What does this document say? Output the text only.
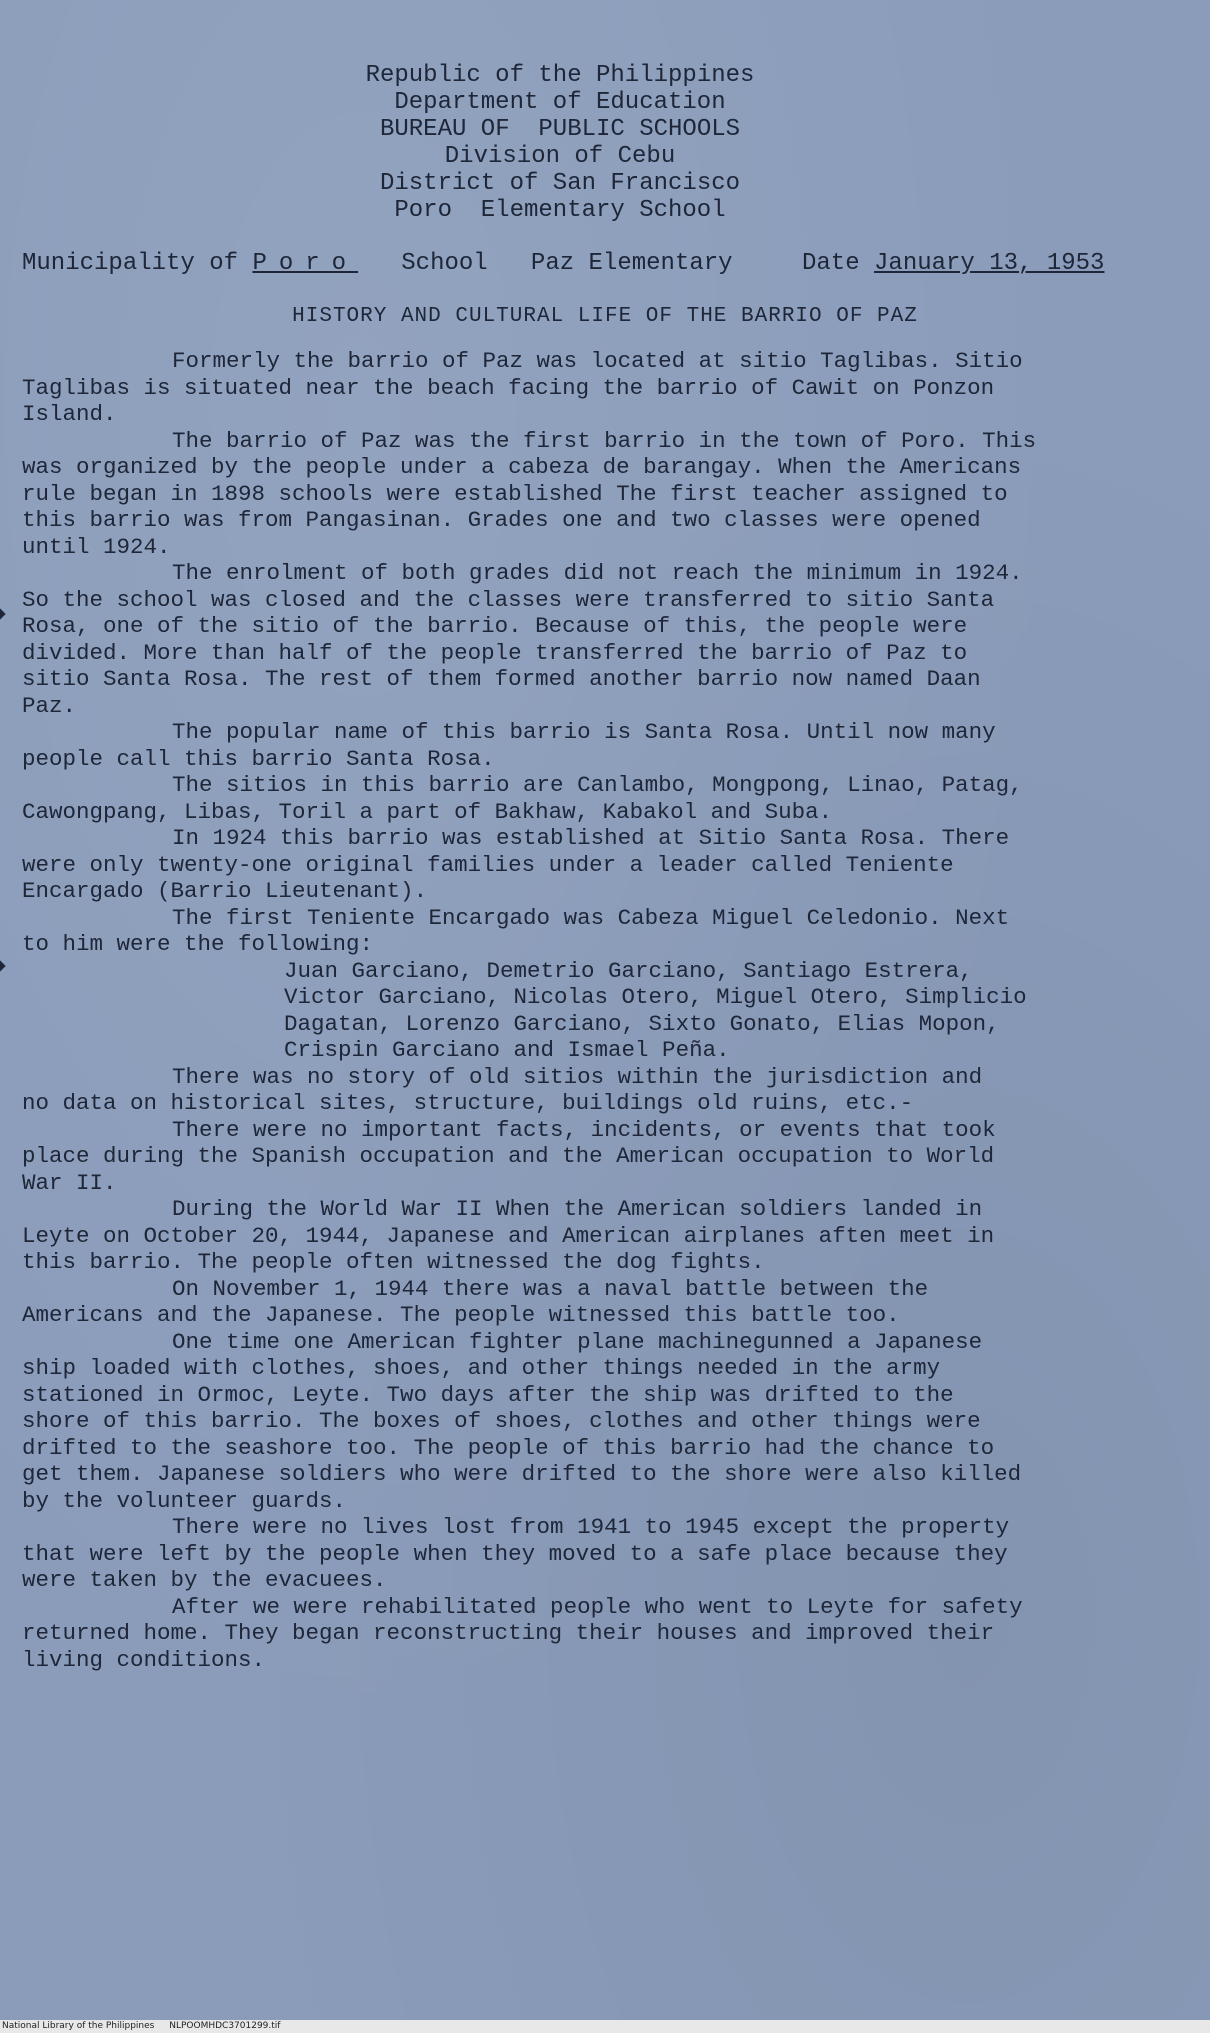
Republic of the Philippines
Department of Education
BUREAU OF  PUBLIC SCHOOLS
Division of Cebu
District of San Francisco
Poro  Elementary School
Municipality of Poro School Paz Elementary	Date January 13, 1953
HISTORY AND CULTURAL LIFE OF THE BARRIO OF PAZ
Formerly the barrio of Paz was located at sitio Taglibas. Sitio
Taglibas is situated near the beach facing the barrio of Cawit on Ponzon
Island.
The barrio of Paz was the first barrio in the town of Poro. This
was organized by the people under a cabeza de barangay. When the Americans
rule began in 1898 schools were established The first teacher assigned to
this barrio was from Pangasinan. Grades one and two classes were opened
until 1924.
The enrolment of both grades did not reach the minimum in 1924.
So the school was closed and the classes were transferred to sitio Santa
Rosa, one of the sitio of the barrio. Because of this, the people were
divided. More than half of the people transferred the barrio of Paz to
sitio Santa Rosa. The rest of them formed another barrio now named Daan
Paz.
The popular name of this barrio is Santa Rosa. Until now many
people call this barrio Santa Rosa.
The sitios in this barrio are Canlambo, Mongpong, Linao, Patag,
Cawongpang, Libas, Toril a part of Bakhaw, Kabakol and Suba.
In 1924 this barrio was established at Sitio Santa Rosa. There
were only twenty-one original families under a leader called Teniente
Encargado (Barrio Lieutenant).
The first Teniente Encargado was Cabeza Miguel Celedonio. Next
to him were the following:
Juan Garciano, Demetrio Garciano, Santiago Estrera,
Victor Garciano, Nicolas Otero, Miguel Otero, Simplicio
Dagatan, Lorenzo Garciano, Sixto Gonato, Elias Mopon,
Crispin Garciano and Ismael Peña.
There was no story of old sitios within the jurisdiction and
no data on historical sites, structure, buildings old ruins, etc.-
There were no important facts, incidents, or events that took
place during the Spanish occupation and the American occupation to World
War II.
During the World War II When the American soldiers landed in
Leyte on October 20, 1944, Japanese and American airplanes aften meet in
this barrio. The people often witnessed the dog fights.
On November 1, 1944 there was a naval battle between the
Americans and the Japanese. The people witnessed this battle too.
One time one American fighter plane machinegunned a Japanese
ship loaded with clothes, shoes, and other things needed in the army
stationed in Ormoc, Leyte. Two days after the ship was drifted to the
shore of this barrio. The boxes of shoes, clothes and other things were
drifted to the seashore too. The people of this barrio had the chance to
get them. Japanese soldiers who were drifted to the shore were also killed
by the volunteer guards.
There were no lives lost from 1941 to 1945 except the property
that were left by the people when they moved to a safe place because they
were taken by the evacuees.
After we were rehabilitated people who went to Leyte for safety
returned home. They began reconstructing their houses and improved their
living conditions.
National Library of the Philippines NLPOOMHDC3701299.tif
